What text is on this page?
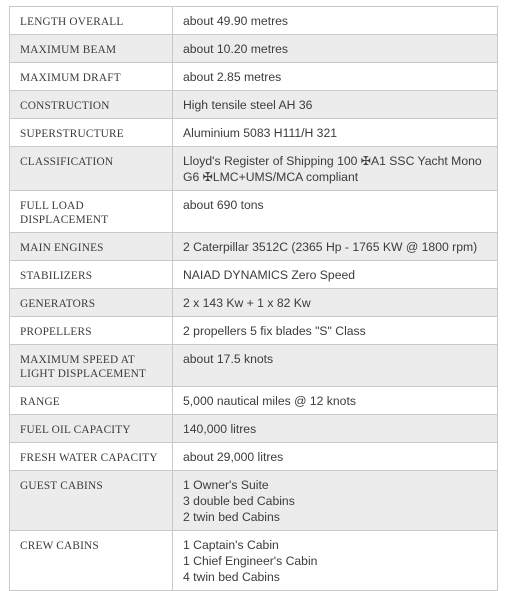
LENGTH OVERALL	about 49.90 metres

MAXIMUM BEAM	about 10.20 metres

MAXIMUM DRAFT	about 2.85 metres

CONSTRUCTION	High tensile steel AH 36

SUPERSTRUCTURE	Aluminium 5083 H111/H 321

CLASSIFICATION	Lloyd's Register of Shipping 100 ✠A1 SSC Yacht Mono G6 ✠LMC+UMS/MCA compliant

FULL LOAD DISPLACEMENT	about 690 tons

MAIN ENGINES	2 Caterpillar 3512C (2365 Hp - 1765 KW @ 1800 rpm)

STABILIZERS	NAIAD DYNAMICS Zero Speed

GENERATORS	2 x 143 Kw + 1 x 82 Kw

PROPELLERS	2 propellers 5 fix blades "S" Class

MAXIMUM SPEED AT LIGHT DISPLACEMENT	about 17.5 knots

RANGE	5,000 nautical miles @ 12 knots

FUEL OIL CAPACITY	140,000 litres

FRESH WATER CAPACITY	about 29,000 litres

GUEST CABINS	1 Owner's Suite
3 double bed Cabins
2 twin bed Cabins

CREW CABINS	1 Captain's Cabin
1 Chief Engineer's Cabin
4 twin bed Cabins
